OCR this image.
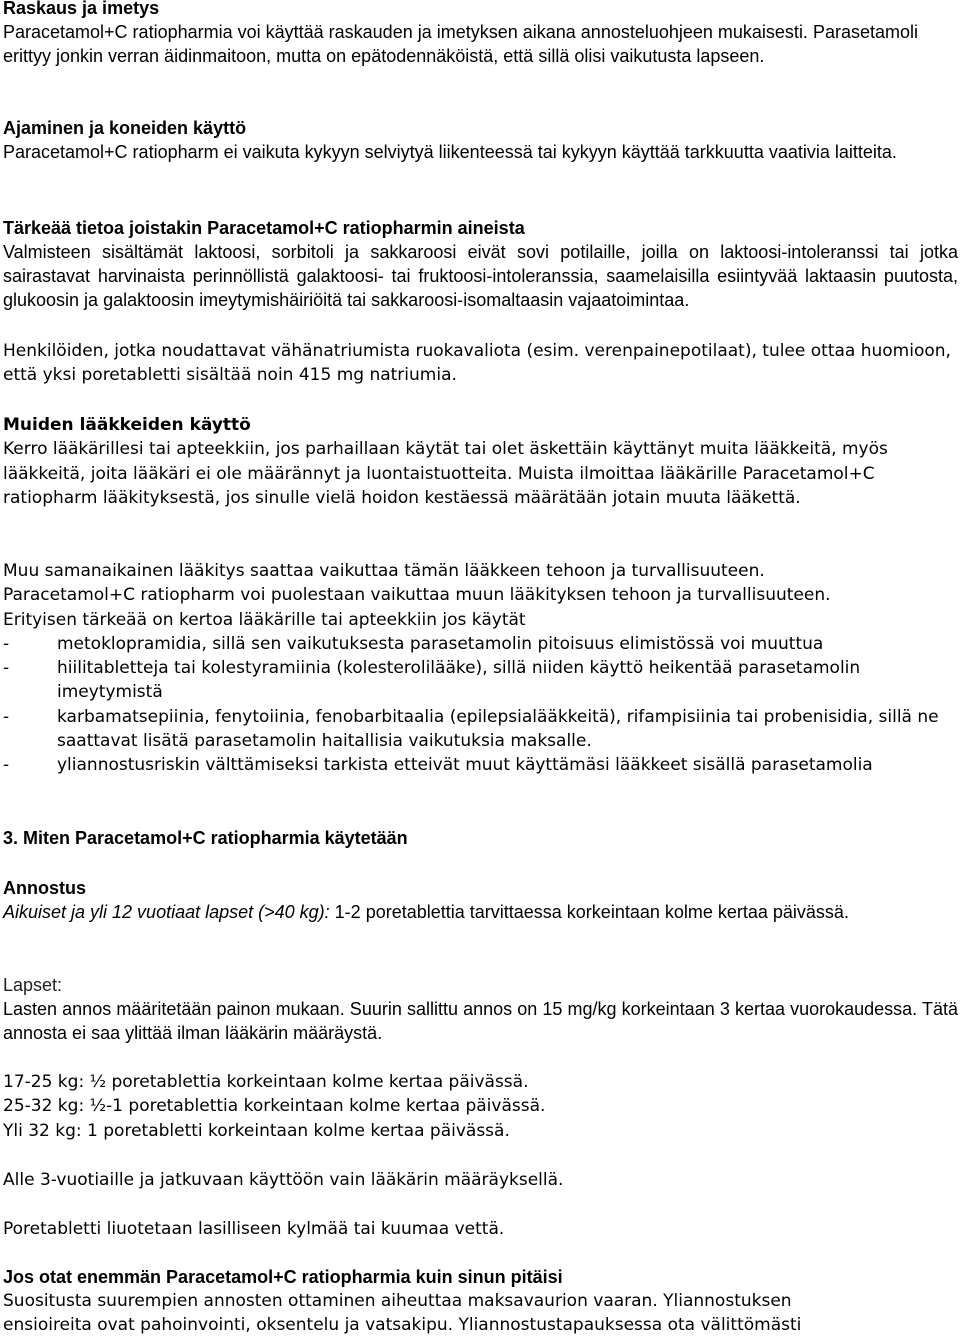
Raskaus ja imetys
Paracetamol+C ratiopharmia voi käyttää raskauden ja imetyksen aikana annosteluohjeen mukaisesti. Parasetamoli erittyy jonkin verran äidinmaitoon, mutta on epätodennäköistä, että sillä olisi vaikutusta lapseen.
Ajaminen ja koneiden käyttö
Paracetamol+C ratiopharm ei vaikuta kykyyn selviytyä liikenteessä tai kykyyn käyttää tarkkuutta vaativia laitteita.
Tärkeää tietoa joistakin Paracetamol+C ratiopharmin aineista
Valmisteen sisältämät laktoosi, sorbitoli ja sakkaroosi eivät sovi potilaille, joilla on laktoosi-intoleranssi tai jotka sairastavat harvinaista perinnöllistä galaktoosi- tai fruktoosi-intoleranssia, saamelaisilla esiintyvää laktaasin puutosta, glukoosin ja galaktoosin imeytymishäiriöitä tai sakkaroosi-isomaltaasin vajaatoimintaa.
Henkilöiden, jotka noudattavat vähänatriumista ruokavaliota (esim. verenpainepotilaat), tulee ottaa huomioon, että yksi poretabletti sisältää noin 415 mg natriumia.
Muiden lääkkeiden käyttö
Kerro lääkärillesi tai apteekkiin, jos parhaillaan käytät tai olet äskettäin käyttänyt muita lääkkeitä, myös lääkkeitä, joita lääkäri ei ole määrännyt ja luontaistuotteita. Muista ilmoittaa lääkärille Paracetamol+C ratiopharm lääkityksestä, jos sinulle vielä hoidon kestäessä määrätään jotain muuta lääkettä.
Muu samanaikainen lääkitys saattaa vaikuttaa tämän lääkkeen tehoon ja turvallisuuteen.
Paracetamol+C ratiopharm voi puolestaan vaikuttaa muun lääkityksen tehoon ja turvallisuuteen.
Erityisen tärkeää on kertoa lääkärille tai apteekkiin jos käytät
-	metoklopramidia, sillä sen vaikutuksesta parasetamolin pitoisuus elimistössä voi muuttua
-	hiilitabletteja tai kolestyramiinia (kolesterolilääke), sillä niiden käyttö heikentää parasetamolin imeytymistä
-	karbamatsepiinia, fenytoiinia, fenobarbitaalia (epilepsialääkkeitä), rifampisiinia tai probenisidia, sillä ne saattavat lisätä parasetamolin haitallisia vaikutuksia maksalle.
-	yliannostusriskin välttämiseksi tarkista etteivät muut käyttämäsi lääkkeet sisällä parasetamolia
3. Miten Paracetamol+C ratiopharmia käytetään
Annostus
Aikuiset ja yli 12 vuotiaat lapset (>40 kg): 1-2 poretablettia tarvittaessa korkeintaan kolme kertaa päivässä.
Lapset:
Lasten annos määritetään painon mukaan. Suurin sallittu annos on 15 mg/kg korkeintaan 3 kertaa vuorokaudessa. Tätä annosta ei saa ylittää ilman lääkärin määräystä.
17-25 kg: ½ poretablettia korkeintaan kolme kertaa päivässä.
25-32 kg: ½-1 poretablettia korkeintaan kolme kertaa päivässä.
Yli 32 kg: 1 poretabletti korkeintaan kolme kertaa päivässä.
Alle 3-vuotiaille ja jatkuvaan käyttöön vain lääkärin määräyksellä.
Poretabletti liuotetaan lasilliseen kylmää tai kuumaa vettä.
Jos otat enemmän Paracetamol+C ratiopharmia kuin sinun pitäisi
Suositusta suurempien annosten ottaminen aiheuttaa maksavaurion vaaran. Yliannostuksen
ensioireita ovat pahoinvointi, oksentelu ja vatsakipu. Yliannostustapauksessa ota välittömästi
